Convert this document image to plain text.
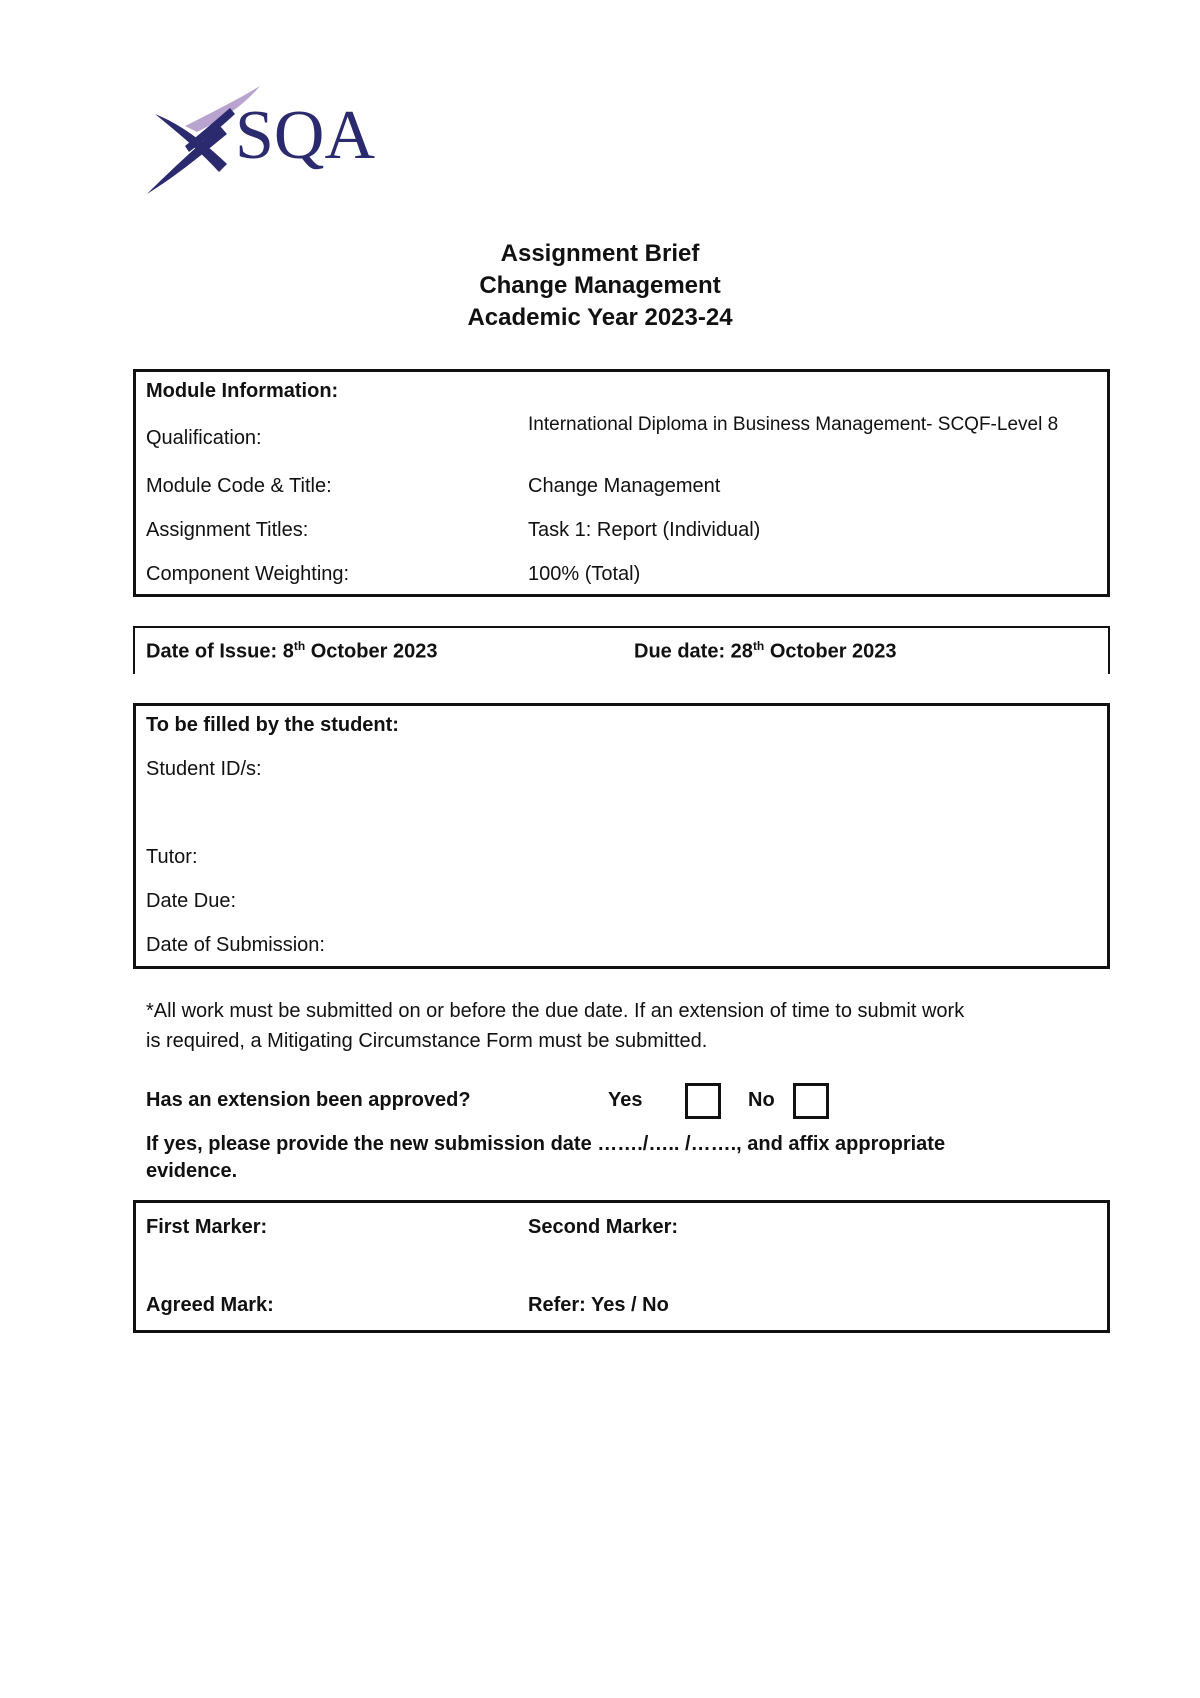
SQA
Assignment Brief
Change Management
Academic Year 2023-24
Module Information:
Qualification:
International Diploma in Business Management- SCQF-Level 8
Module Code & Title:	Change Management
Assignment Titles:	Task 1: Report (Individual)
Component Weighting:	100% (Total)
Date of Issue: 8th October 2023	Due date: 28th October 2023
To be filled by the student:
Student ID/s:
Tutor:
Date Due:
Date of Submission:
*All work must be submitted on or before the due date. If an extension of time to submit work
is required, a Mitigating Circumstance Form must be submitted.
Has an extension been approved?	Yes	No
If yes, please provide the new submission date ……./….. /……., and affix appropriate
evidence.
First Marker:	Second Marker:
Agreed Mark:	Refer: Yes / No
